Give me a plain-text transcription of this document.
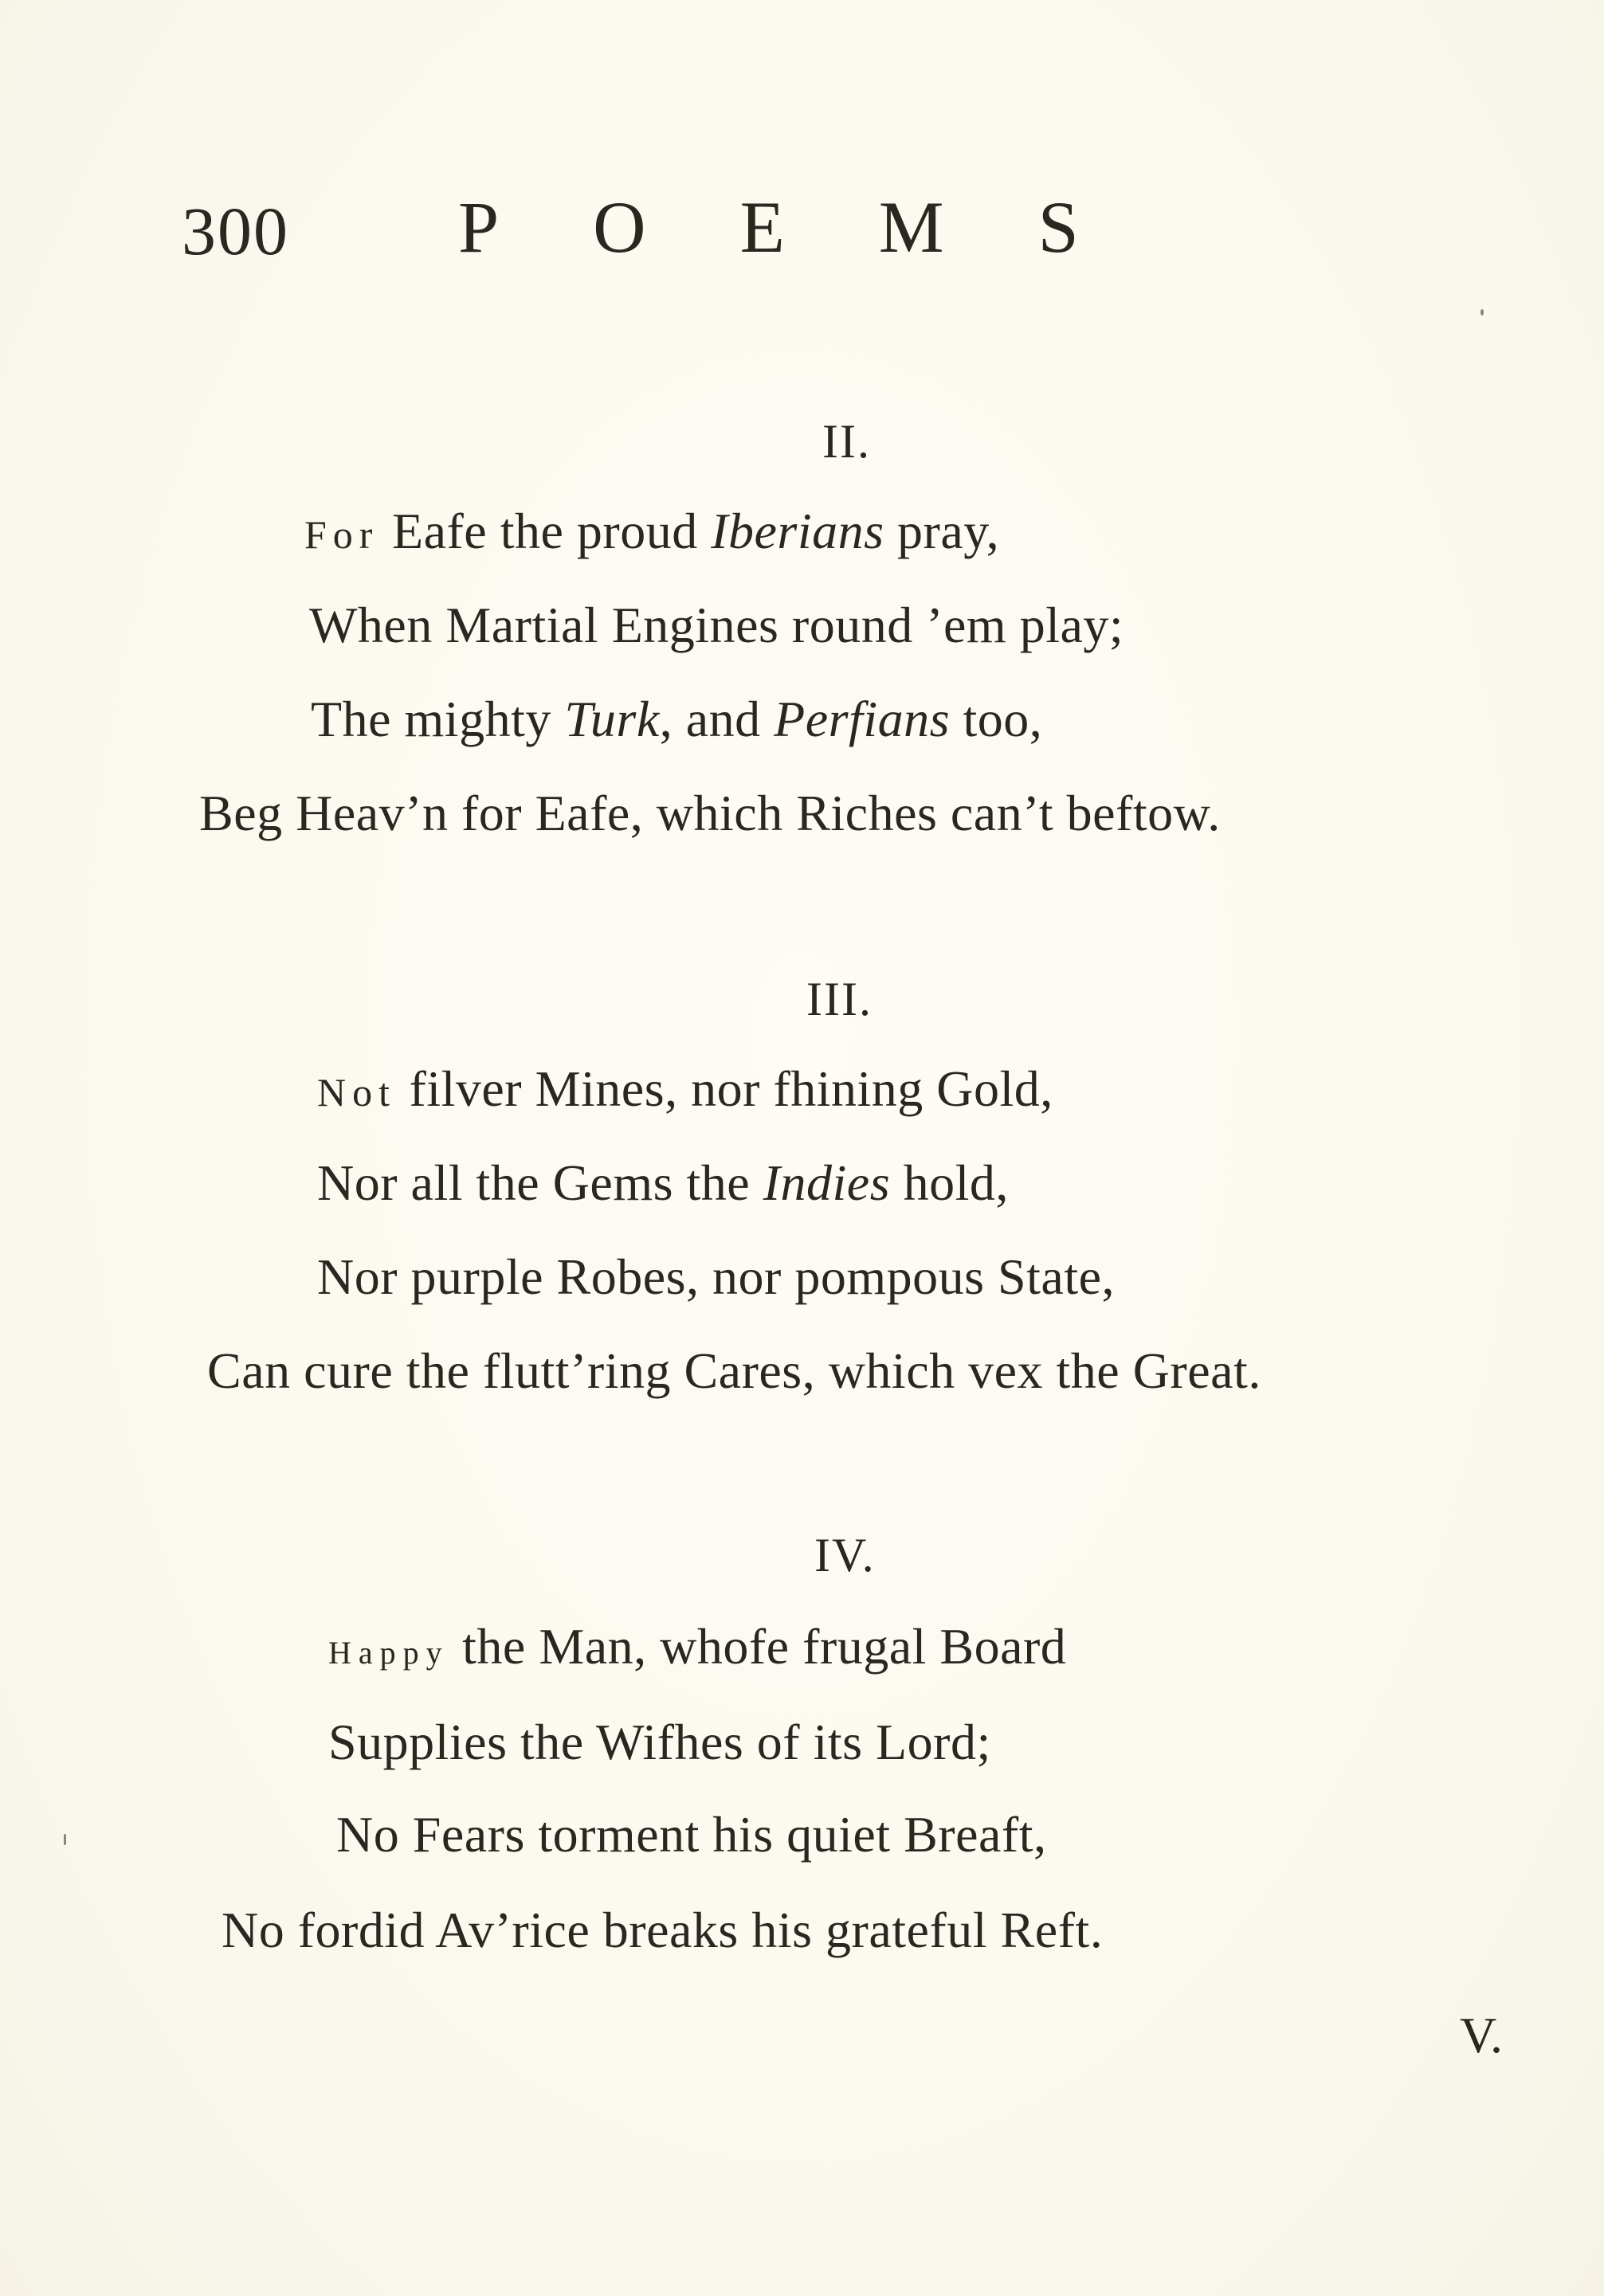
300 POEMS
II.
For Eafe the proud Iberians pray,
When Martial Engines round ’em play;
The mighty Turk, and Perfians too,
Beg Heav’n for Eafe, which Riches can’t beftow.
III.
Not filver Mines, nor fhining Gold,
Nor all the Gems the Indies hold,
Nor purple Robes, nor pompous State,
Can cure the flutt’ring Cares, which vex the Great.
IV.
Happy the Man, whofe frugal Board
Supplies the Wifhes of its Lord;
No Fears torment his quiet Breaft,
No fordid Av’rice breaks his grateful Reft.
V.
